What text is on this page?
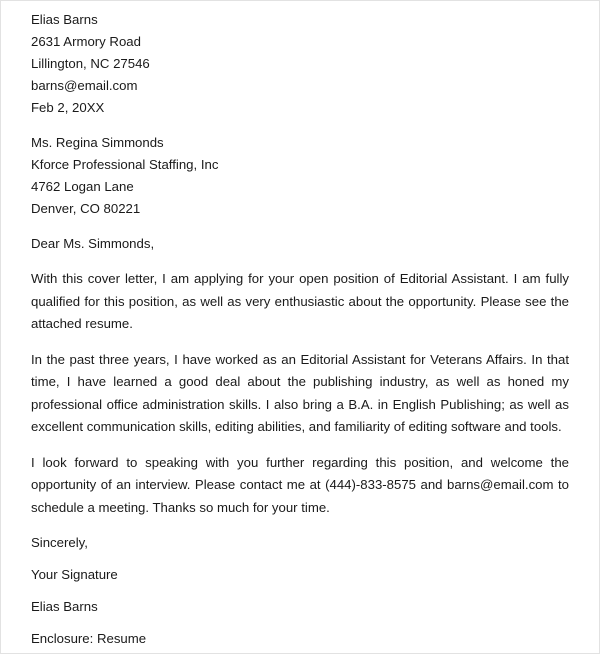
Elias Barns
2631 Armory Road
Lillington, NC 27546
barns@email.com
Feb 2, 20XX
Ms. Regina Simmonds
Kforce Professional Staffing, Inc
4762 Logan Lane
Denver, CO 80221
Dear Ms. Simmonds,

With this cover letter, I am applying for your open position of Editorial Assistant. I am fully qualified for this position, as well as very enthusiastic about the opportunity. Please see the attached resume.

In the past three years, I have worked as an Editorial Assistant for Veterans Affairs. In that time, I have learned a good deal about the publishing industry, as well as honed my professional office administration skills. I also bring a B.A. in English Publishing; as well as excellent communication skills, editing abilities, and familiarity of editing software and tools.

I look forward to speaking with you further regarding this position, and welcome the opportunity of an interview. Please contact me at (444)-833-8575 and barns@email.com to schedule a meeting. Thanks so much for your time.

Sincerely,
Your Signature
Elias Barns
Enclosure: Resume
